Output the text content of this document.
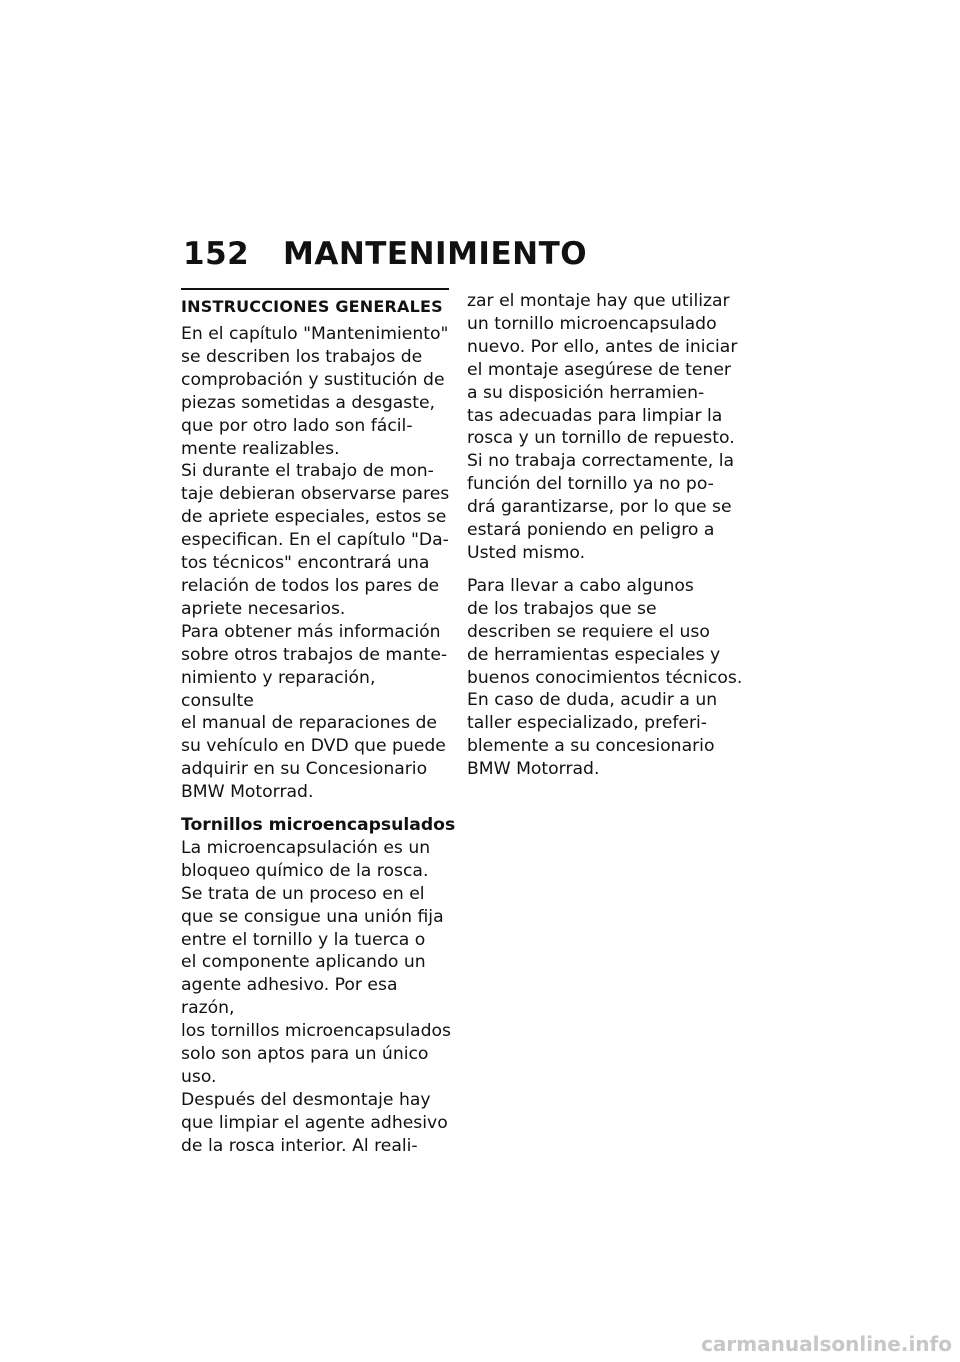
152 MANTENIMIENTO
INSTRUCCIONES GENERALES

En el capítulo "Mantenimiento"
se describen los trabajos de
comprobación y sustitución de
piezas sometidas a desgaste,
que por otro lado son fácil-
mente realizables.

Si durante el trabajo de mon-
taje debieran observarse pares
de apriete especiales, estos se
especifican. En el capítulo "Da-
tos técnicos" encontrará una
relación de todos los pares de
apriete necesarios.

Para obtener más información
sobre otros trabajos de mante-
nimiento y reparación, consulte
el manual de reparaciones de
su vehículo en DVD que puede
adquirir en su Concesionario
BMW Motorrad.

Tornillos microencapsulados

La microencapsulación es un
bloqueo químico de la rosca.
Se trata de un proceso en el
que se consigue una unión fija
entre el tornillo y la tuerca o
el componente aplicando un
agente adhesivo. Por esa razón,
los tornillos microencapsulados
solo son aptos para un único
uso.

Después del desmontaje hay
que limpiar el agente adhesivo
de la rosca interior. Al reali-

zar el montaje hay que utilizar
un tornillo microencapsulado
nuevo. Por ello, antes de iniciar
el montaje asegúrese de tener
a su disposición herramien-
tas adecuadas para limpiar la
rosca y un tornillo de repuesto.
Si no trabaja correctamente, la
función del tornillo ya no po-
drá garantizarse, por lo que se
estará poniendo en peligro a
Usted mismo.

Para llevar a cabo algunos
de los trabajos que se
describen se requiere el uso
de herramientas especiales y
buenos conocimientos técnicos.
En caso de duda, acudir a un
taller especializado, preferi-
blemente a su concesionario
BMW Motorrad.

carmanualsonline.info
